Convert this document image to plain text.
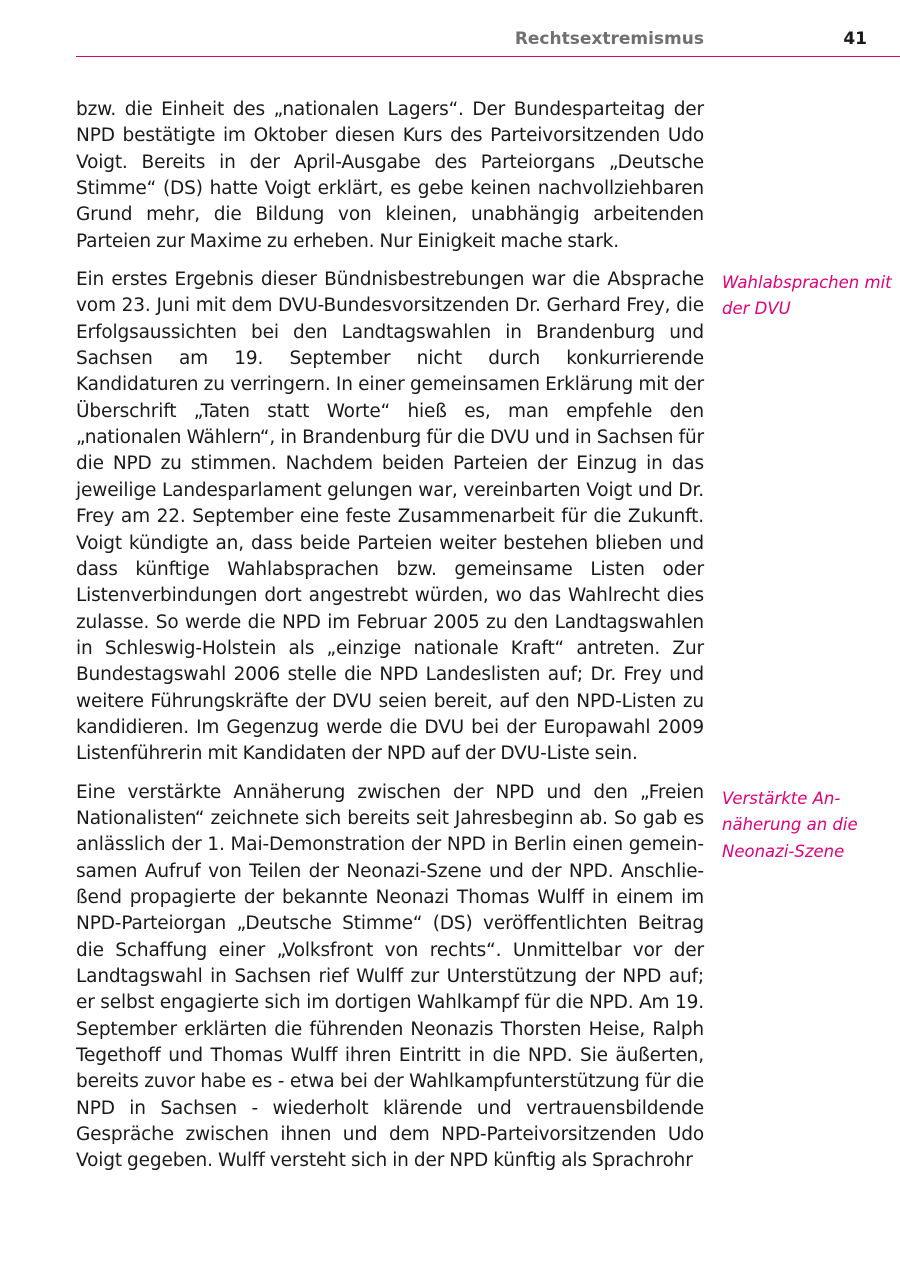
Rechtsextremismus	41

bzw. die Einheit des „nationalen Lagers“. Der Bundesparteitag der NPD bestätigte im Oktober diesen Kurs des Parteivorsitzenden Udo Voigt. Bereits in der April-Ausgabe des Parteiorgans „Deutsche Stimme“ (DS) hatte Voigt erklärt, es gebe keinen nachvollziehbaren Grund mehr, die Bildung von kleinen, unabhängig arbeitenden Parteien zur Maxime zu erheben. Nur Einigkeit mache stark.

Ein erstes Ergebnis dieser Bündnisbestrebungen war die Absprache vom 23. Juni mit dem DVU-Bundesvorsitzenden Dr. Gerhard Frey, die Erfolgsaussichten bei den Landtagswahlen in Brandenburg und Sachsen am 19. September nicht durch konkurrierende Kandidaturen zu verringern. In einer gemeinsamen Erklärung mit der Überschrift „Taten statt Worte“ hieß es, man empfehle den „nationalen Wählern“, in Brandenburg für die DVU und in Sachsen für die NPD zu stimmen. Nachdem beiden Parteien der Einzug in das jeweilige Landesparlament gelungen war, vereinbarten Voigt und Dr. Frey am 22. September eine feste Zusammenarbeit für die Zukunft. Voigt kündigte an, dass beide Parteien weiter bestehen blieben und dass künftige Wahlabsprachen bzw. gemeinsame Listen oder Listenverbindungen dort angestrebt würden, wo das Wahlrecht dies zulasse. So werde die NPD im Februar 2005 zu den Landtagswahlen in Schleswig-Holstein als „einzige nationale Kraft“ antreten. Zur Bundestagswahl 2006 stelle die NPD Landeslisten auf; Dr. Frey und weitere Führungskräfte der DVU seien bereit, auf den NPD-Listen zu kandidieren. Im Gegenzug werde die DVU bei der Europawahl 2009 Listenführerin mit Kandidaten der NPD auf der DVU-Liste sein.

Eine verstärkte Annäherung zwischen der NPD und den „Freien Nationalisten“ zeichnete sich bereits seit Jahresbeginn ab. So gab es anlässlich der 1. Mai-Demonstration der NPD in Berlin einen gemeinsamen Aufruf von Teilen der Neonazi-Szene und der NPD. Anschließend propagierte der bekannte Neonazi Thomas Wulff in einem im NPD-Parteiorgan „Deutsche Stimme“ (DS) veröffentlichten Beitrag die Schaffung einer „Volksfront von rechts“. Unmittelbar vor der Landtagswahl in Sachsen rief Wulff zur Unterstützung der NPD auf; er selbst engagierte sich im dortigen Wahlkampf für die NPD. Am 19. September erklärten die führenden Neonazis Thorsten Heise, Ralph Tegethoff und Thomas Wulff ihren Eintritt in die NPD. Sie äußerten, bereits zuvor habe es - etwa bei der Wahlkampfunterstützung für die NPD in Sachsen - wiederholt klärende und vertrauensbildende Gespräche zwischen ihnen und dem NPD-Parteivorsitzenden Udo Voigt gegeben. Wulff versteht sich in der NPD künftig als Sprachrohr

Wahlabsprachen mit der DVU
Verstärkte Annäherung an die Neonazi-Szene
